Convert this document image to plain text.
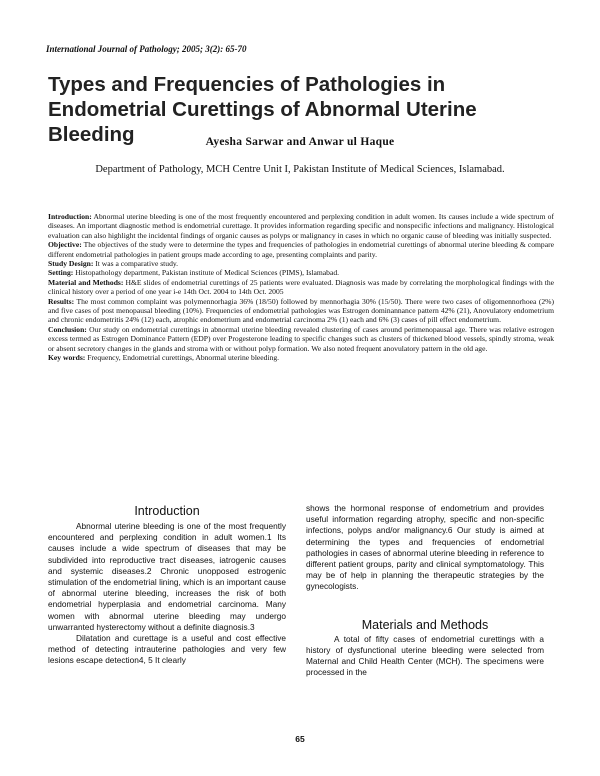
International Journal of Pathology; 2005; 3(2): 65-70
Types and Frequencies of Pathologies in Endometrial Curettings of Abnormal Uterine Bleeding	Ayesha Sarwar and Anwar ul Haque
Department of Pathology, MCH Centre Unit I, Pakistan Institute of Medical Sciences, Islamabad.

Introduction: Abnormal uterine bleeding is one of the most frequently encountered and perplexing condition in adult women. Its causes include a wide spectrum of diseases. An important diagnostic method is endometrial curettage. It provides information regarding specific and nonspecific infections and malignancy. Histological evaluation can also highlight the incidental findings of organic causes as polyps or malignancy in cases in which no organic cause of bleeding was initially suspected.

Objective: The objectives of the study were to determine the types and frequencies of pathologies in endometrial curettings of abnormal uterine bleeding & compare different endometrial pathologies in patient groups made according to age, presenting complaints and parity.

Study Design: It was a comparative study.

Setting: Histopathology department, Pakistan institute of Medical Sciences (PIMS), Islamabad.

Material and Methods: H&E slides of endometrial curettings of 25 patients were evaluated. Diagnosis was made by correlating the morphological findings with the clinical history over a period of one year i-e 14th Oct. 2004 to 14th Oct. 2005

Results: The most common complaint was polymennorhagia 36% (18/50) followed by mennorhagia 30% (15/50). There were two cases of oligomennorhoea (2%) and five cases of post menopausal bleeding (10%). Frequencies of endometrial pathologies was Estrogen dominannance pattern 42% (21), Anovulatory endometrium and chronic endometritis 24% (12) each, atrophic endometrium and endometrial carcinoma 2% (1) each and 6% (3) cases of pill effect endometrium.

Conclusion: Our study on endometrial curettings in abnormal uterine bleeding revealed clustering of cases around perimenopausal age. There was relative estrogen excess termed as Estrogen Dominance Pattern (EDP) over Progesterone leading to specific changes such as clusters of thickened blood vessels, spindly stroma, weak or absent secretory changes in the glands and stroma with or without polyp formation. We also noted frequent anovulatory pattern in the old age.

Key words: Frequency, Endometrial curettings, Abnormal uterine bleeding.

Introduction

Abnormal uterine bleeding is one of the most frequently encountered and perplexing condition in adult women.1 Its causes include a wide spectrum of diseases that may be subdivided into reproductive tract diseases, iatrogenic causes and systemic diseases.2 Chronic unopposed estrogenic stimulation of the endometrial lining, which is an important cause of abnormal uterine bleeding, increases the risk of both endometrial hyperplasia and endometrial carcinoma. Many women with abnormal uterine bleeding may undergo unwarranted hysterectomy without a definite diagnosis.3

Dilatation and curettage is a useful and cost effective method of detecting intrauterine pathologies and very few lesions escape detection4, 5 It clearly

shows the hormonal response of endometrium and provides useful information regarding atrophy, specific and non-specific infections, polyps and/or malignancy.6 Our study is aimed at determining the types and frequencies of endometrial pathologies in cases of abnormal uterine bleeding in reference to different patient groups, parity and clinical symptomatology. This may be of help in planning the therapeutic strategies by the gynecologists.

Materials and Methods

A total of fifty cases of endometrial curettings with a history of dysfunctional uterine bleeding were selected from Maternal and Child Health Center (MCH). The specimens were processed in the

65
